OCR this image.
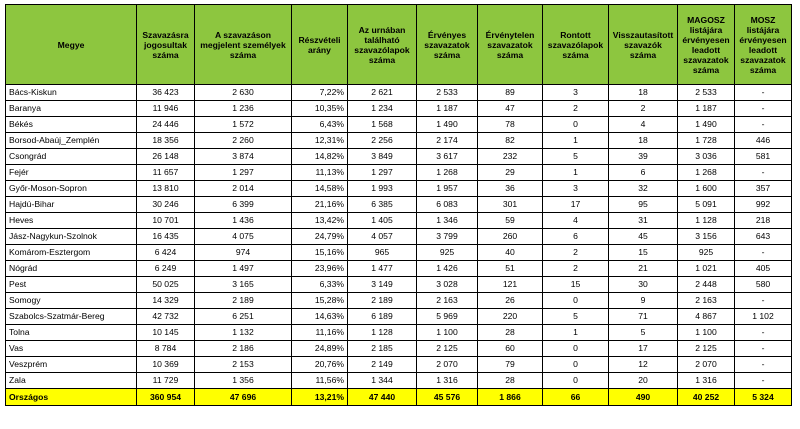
Megye	Szavazásra jogosultak száma	A szavazáson megjelent személyek száma	Részvételi arány	Az urnában található szavazólapok száma	Érvényes szavazatok száma	Érvénytelen szavazatok száma	Rontott szavazólapok száma	Visszautasított szavazók száma	MAGOSZ listájára érvényesen leadott szavazatok száma	MOSZ listájára érvényesen leadott szavazatok száma
Bács-Kiskun	36 423	2 630	7,22%	2 621	2 533	89	3	18	2 533	-
Baranya	11 946	1 236	10,35%	1 234	1 187	47	2	2	1 187	-
Békés	24 446	1 572	6,43%	1 568	1 490	78	0	4	1 490	-
Borsod-Abaúj_Zemplén	18 356	2 260	12,31%	2 256	2 174	82	1	18	1 728	446
Csongrád	26 148	3 874	14,82%	3 849	3 617	232	5	39	3 036	581
Fejér	11 657	1 297	11,13%	1 297	1 268	29	1	6	1 268	-
Győr-Moson-Sopron	13 810	2 014	14,58%	1 993	1 957	36	3	32	1 600	357
Hajdú-Bihar	30 246	6 399	21,16%	6 385	6 083	301	17	95	5 091	992
Heves	10 701	1 436	13,42%	1 405	1 346	59	4	31	1 128	218
Jász-Nagykun-Szolnok	16 435	4 075	24,79%	4 057	3 799	260	6	45	3 156	643
Komárom-Esztergom	6 424	974	15,16%	965	925	40	2	15	925	-
Nógrád	6 249	1 497	23,96%	1 477	1 426	51	2	21	1 021	405
Pest	50 025	3 165	6,33%	3 149	3 028	121	15	30	2 448	580
Somogy	14 329	2 189	15,28%	2 189	2 163	26	0	9	2 163	-
Szabolcs-Szatmár-Bereg	42 732	6 251	14,63%	6 189	5 969	220	5	71	4 867	1 102
Tolna	10 145	1 132	11,16%	1 128	1 100	28	1	5	1 100	-
Vas	8 784	2 186	24,89%	2 185	2 125	60	0	17	2 125	-
Veszprém	10 369	2 153	20,76%	2 149	2 070	79	0	12	2 070	-
Zala	11 729	1 356	11,56%	1 344	1 316	28	0	20	1 316	-
Országos	360 954	47 696	13,21%	47 440	45 576	1 866	66	490	40 252	5 324
